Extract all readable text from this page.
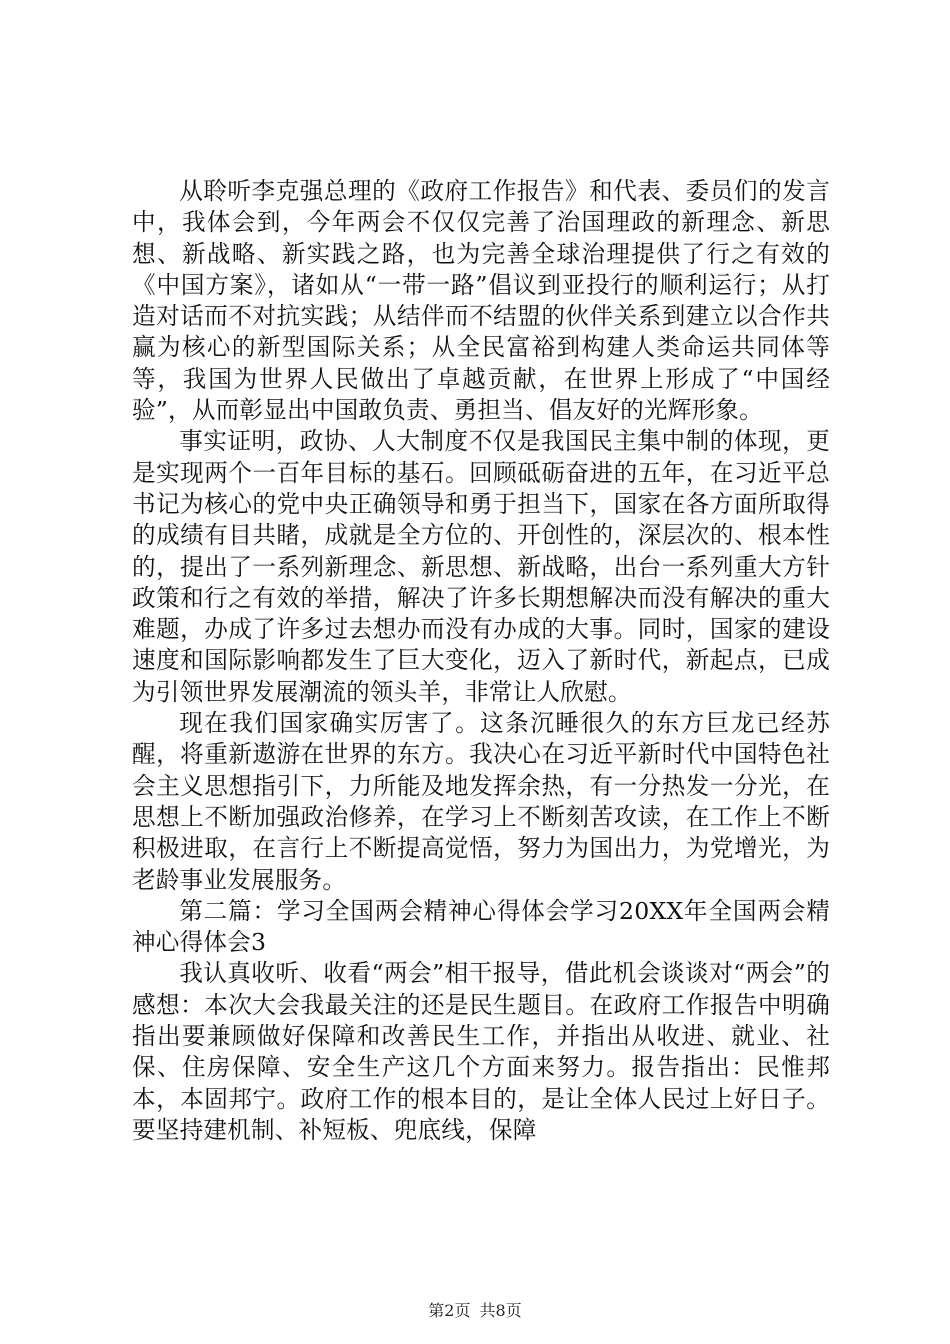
从聆听李克强总理的《政府工作报告》和代表、委员们的发言中，我体会到，今年两会不仅仅完善了治国理政的新理念、新思想、新战略、新实践之路，也为完善全球治理提供了行之有效的《中国方案》，诸如从“一带一路”倡议到亚投行的顺利运行；从打造对话而不对抗实践；从结伴而不结盟的伙伴关系到建立以合作共赢为核心的新型国际关系；从全民富裕到构建人类命运共同体等等，我国为世界人民做出了卓越贡献，在世界上形成了“中国经验”，从而彰显出中国敢负责、勇担当、倡友好的光辉形象。

事实证明，政协、人大制度不仅是我国民主集中制的体现，更是实现两个一百年目标的基石。回顾砥砺奋进的五年，在习近平总书记为核心的党中央正确领导和勇于担当下，国家在各方面所取得的成绩有目共睹，成就是全方位的、开创性的，深层次的、根本性的，提出了一系列新理念、新思想、新战略，出台一系列重大方针政策和行之有效的举措，解决了许多长期想解决而没有解决的重大难题，办成了许多过去想办而没有办成的大事。同时，国家的建设速度和国际影响都发生了巨大变化，迈入了新时代，新起点，已成为引领世界发展潮流的领头羊，非常让人欣慰。

现在我们国家确实厉害了。这条沉睡很久的东方巨龙已经苏醒，将重新遨游在世界的东方。我决心在习近平新时代中国特色社会主义思想指引下，力所能及地发挥余热，有一分热发一分光，在思想上不断加强政治修养，在学习上不断刻苦攻读，在工作上不断积极进取，在言行上不断提高觉悟，努力为国出力，为党增光，为老龄事业发展服务。

第二篇：学习全国两会精神心得体会学习20XX年全国两会精神心得体会3

我认真收听、收看“两会”相干报导，借此机会谈谈对“两会”的感想：本次大会我最关注的还是民生题目。在政府工作报告中明确指出要兼顾做好保障和改善民生工作，并指出从收进、就业、社保、住房保障、安全生产这几个方面来努力。报告指出：民惟邦本，本固邦宁。政府工作的根本目的，是让全体人民过上好日子。要坚持建机制、补短板、兜底线，保障

第2页 共8页
